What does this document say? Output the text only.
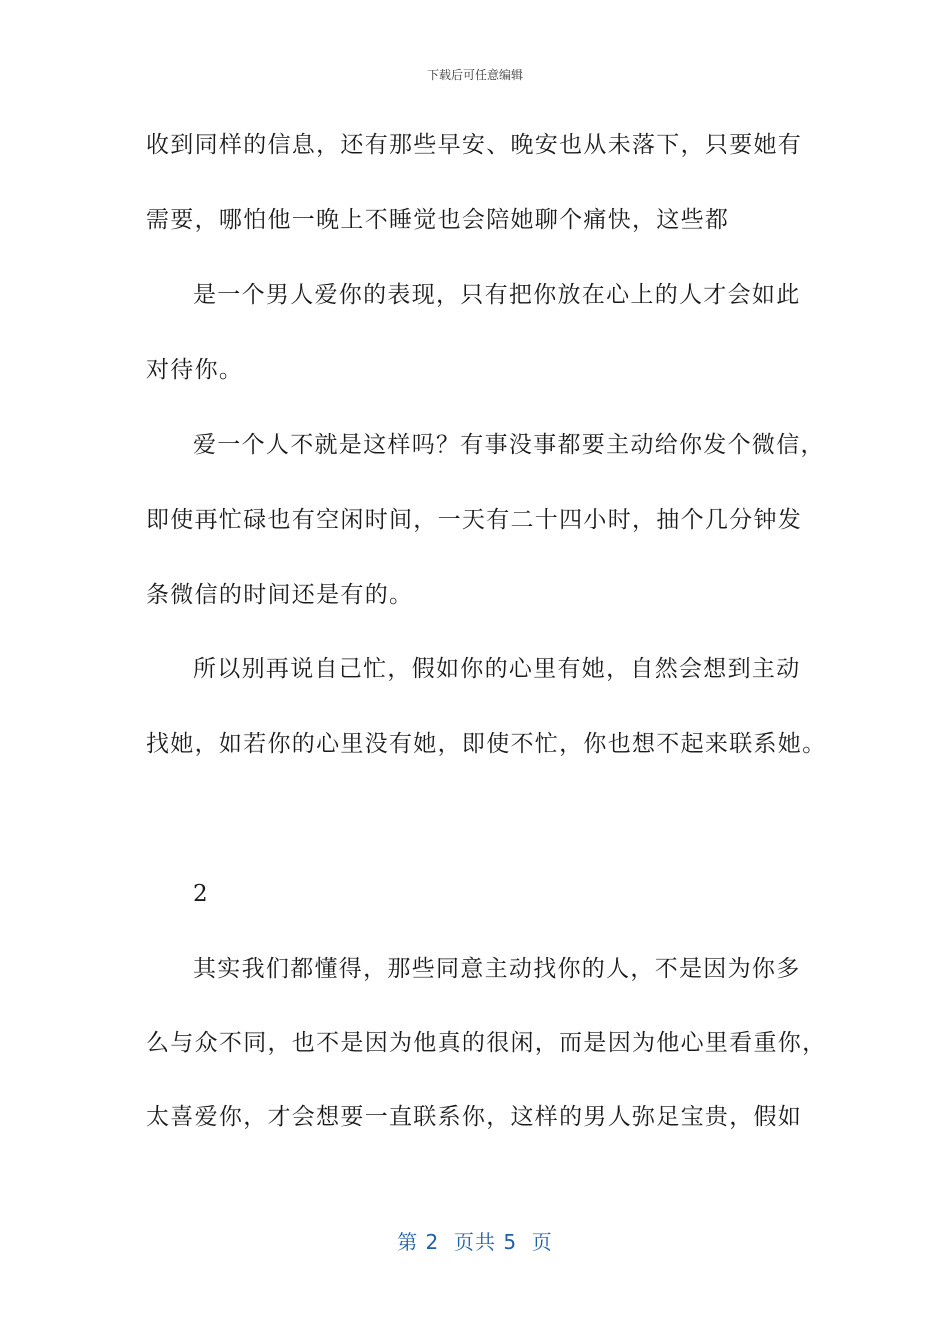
下载后可任意编辑
收到同样的信息，还有那些早安、晚安也从未落下，只要她有
需要，哪怕他一晚上不睡觉也会陪她聊个痛快，这些都
是一个男人爱你的表现，只有把你放在心上的人才会如此
对待你。
爱一个人不就是这样吗？有事没事都要主动给你发个微信，
即使再忙碌也有空闲时间，一天有二十四小时，抽个几分钟发
条微信的时间还是有的。
所以别再说自己忙，假如你的心里有她，自然会想到主动
找她，如若你的心里没有她，即使不忙，你也想不起来联系她。
2
其实我们都懂得，那些同意主动找你的人，不是因为你多
么与众不同，也不是因为他真的很闲，而是因为他心里看重你，
太喜爱你，才会想要一直联系你，这样的男人弥足宝贵，假如
第 2  页共 5  页
